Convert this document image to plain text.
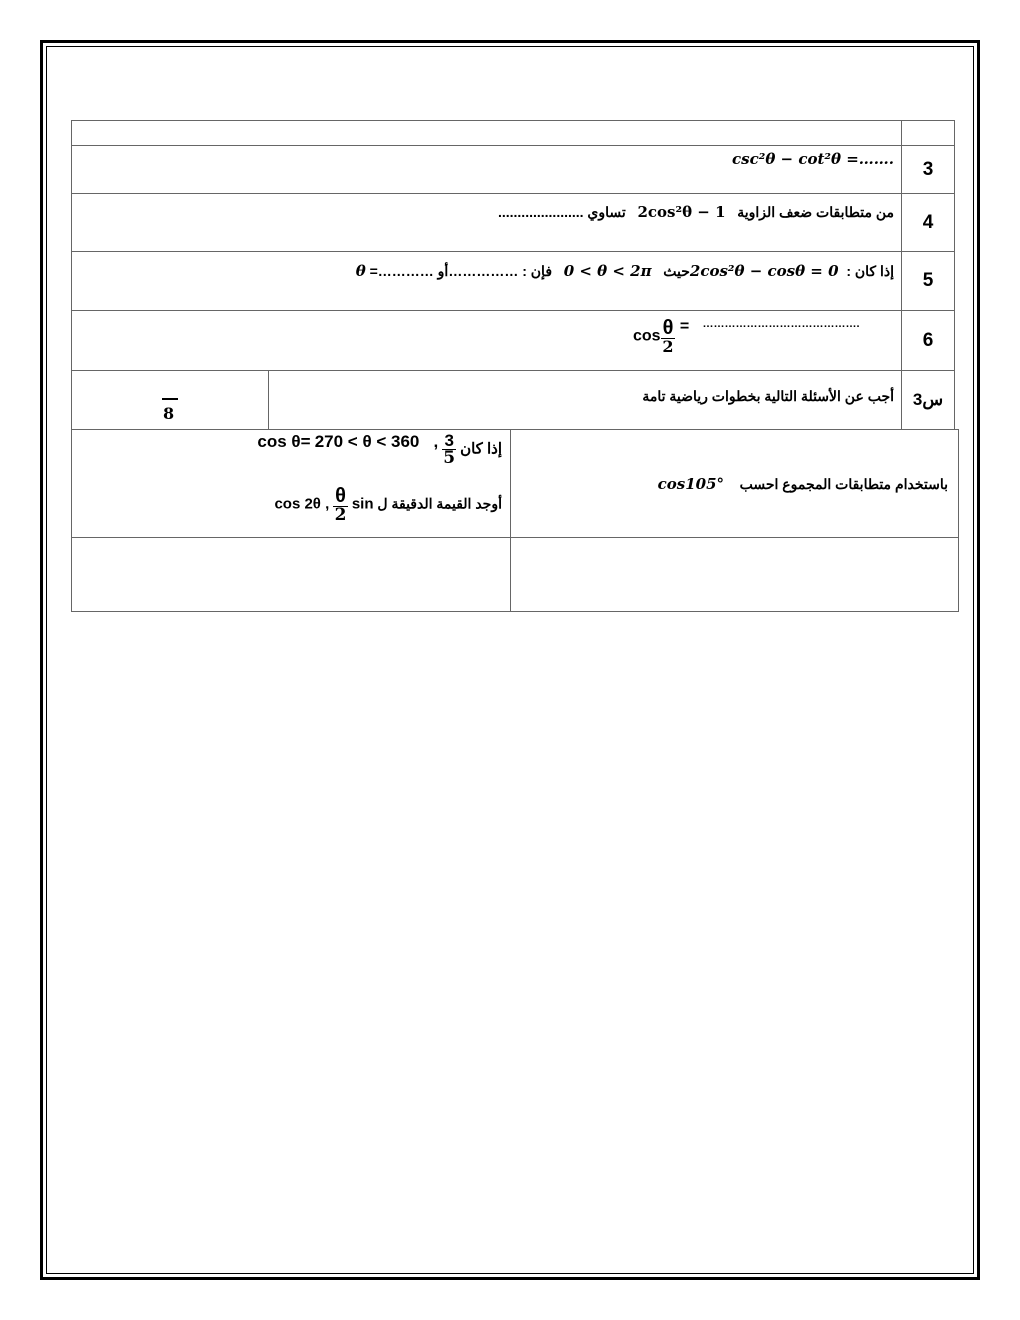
3
csc²θ − cot²θ =…….
4
من متطابقات ضعف الزاوية   2cos²θ − 1   تساوي ......................
5
إذا كان :  2cos²θ − cosθ = 0حيث   0 < θ < 2π   فإن : ……………أو …………= θ
6
$\cos \frac{\theta}{2} = ^{\dots\dots\dots\dots\dots\dots\dots\dots\dots\dots\dots\dots\dots\dots.}$
8
أجب عن الأسئلة التالية بخطوات رياضية تامة	س3
باستخدام متطابقات المجموع احسب    cos105°
إذا كان
$\frac{3}{5}$
cos θ= 270 < θ < 360   ,
أوجد القيمة الدقيقة ل cos 2θ , $\frac{\theta}{2}$ sin
